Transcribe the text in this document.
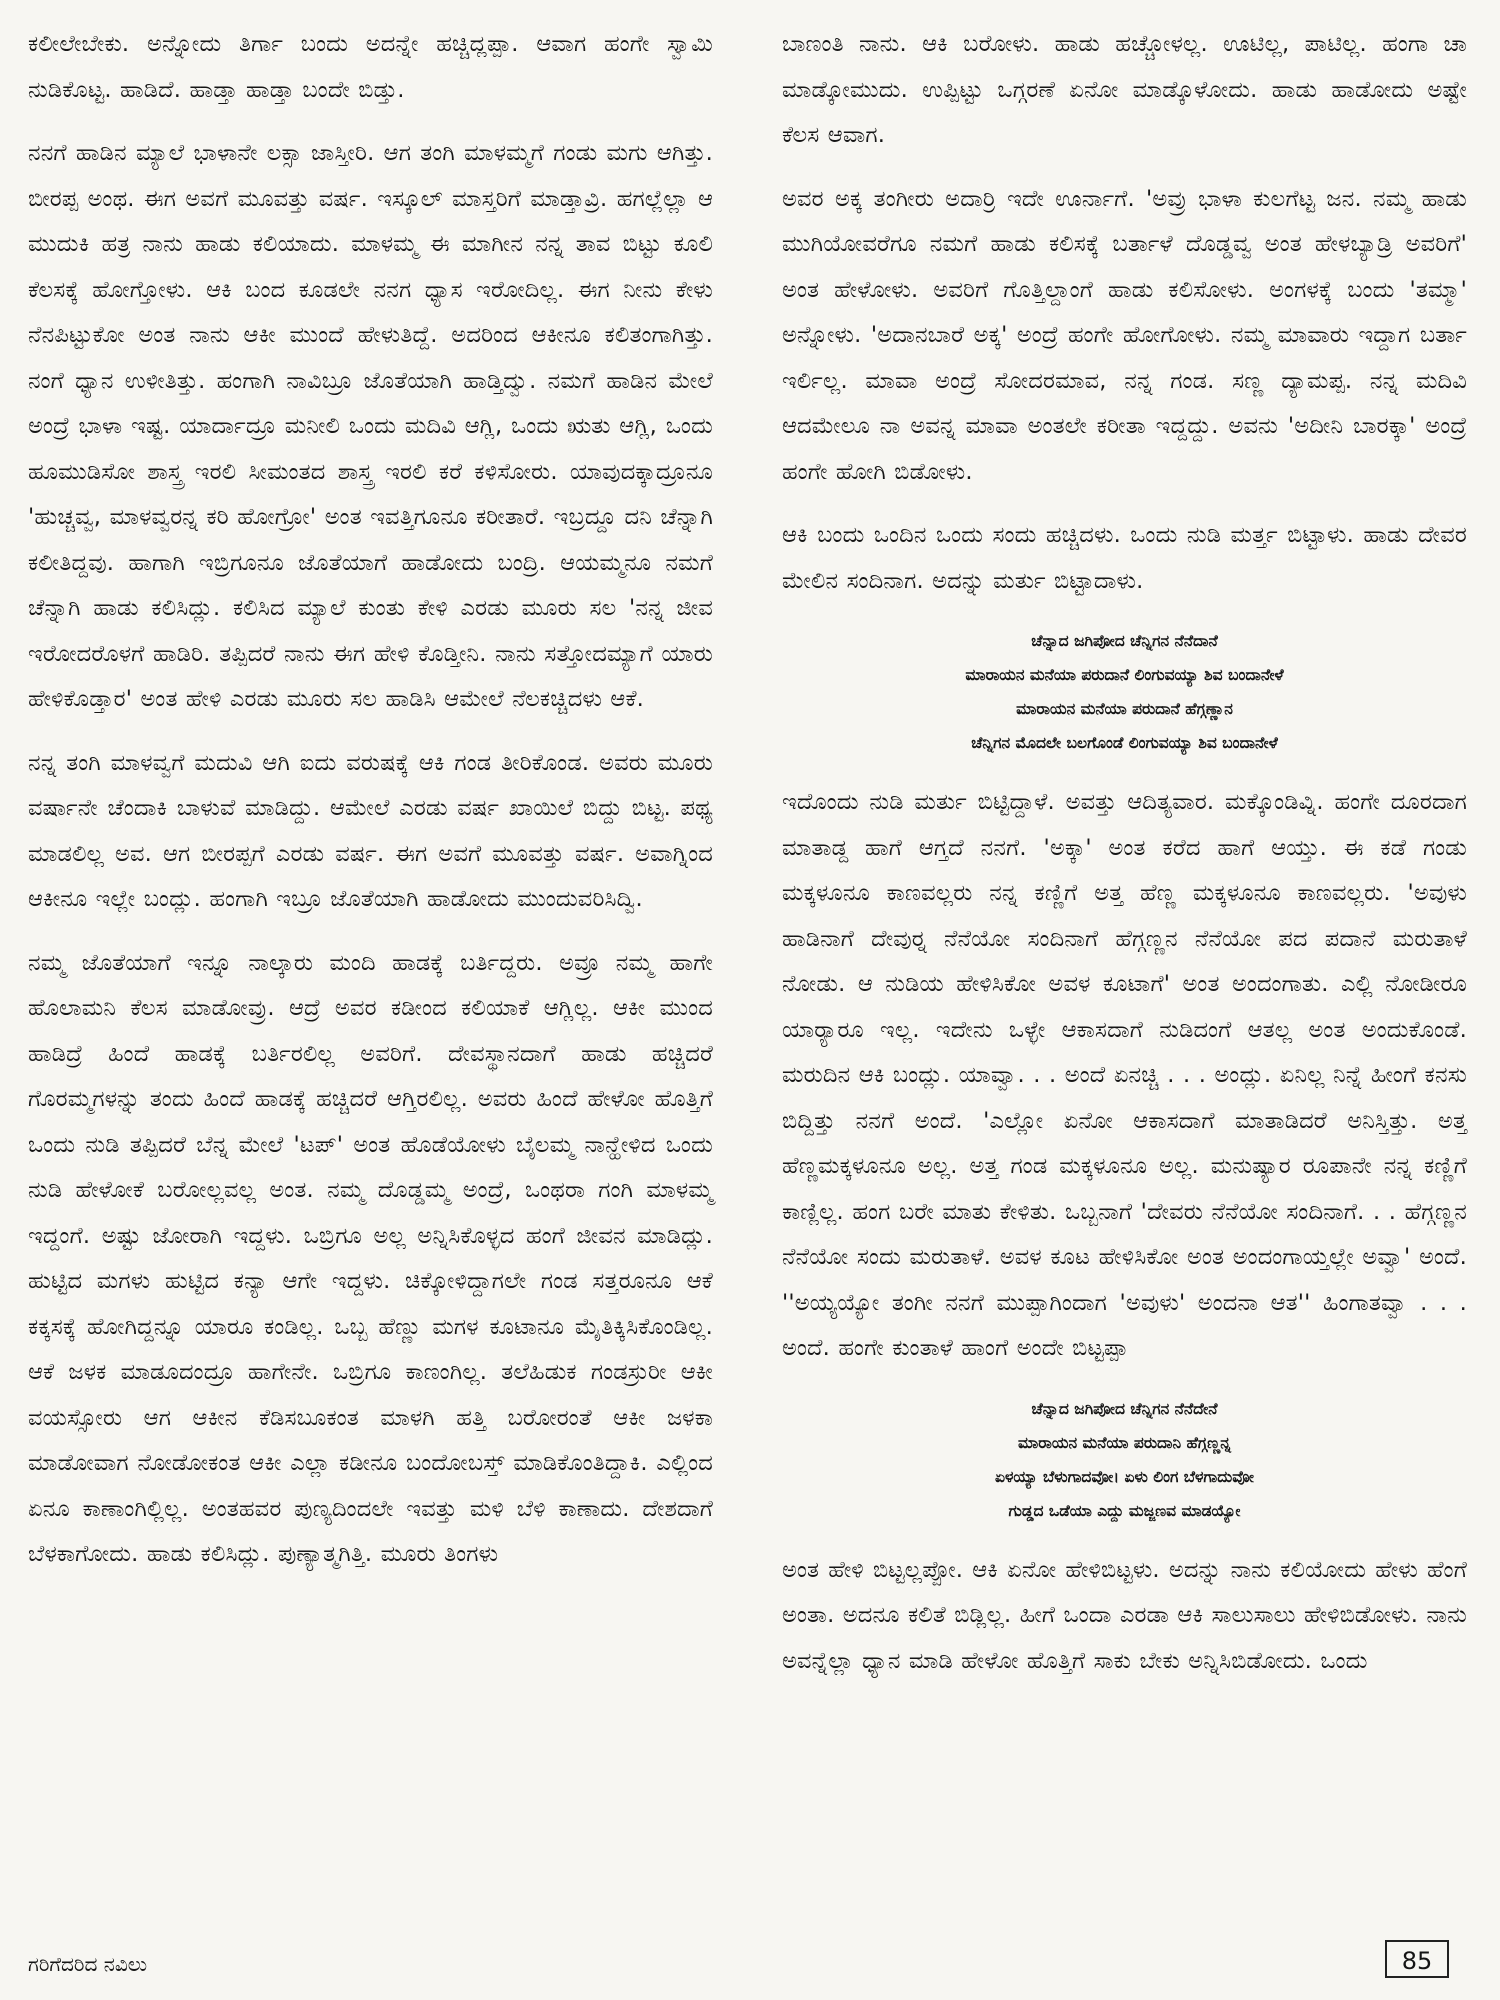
ಕಲೀಲೇಬೇಕು. ಅನ್ನೋದು ತಿರ್ಗಾ ಬಂದು ಅದನ್ನೇ ಹಚ್ಚಿದ್ಲಪ್ಪಾ. ಆವಾಗ ಹಂಗೇ ಸ್ವಾಮಿ ನುಡಿಕೊಟ್ಟ. ಹಾಡಿದೆ. ಹಾಡ್ತಾ ಹಾಡ್ತಾ ಬಂದೇ ಬಿಡ್ತು.

ನನಗೆ ಹಾಡಿನ ಮ್ಯಾಲೆ ಭಾಳಾನೇ ಲಕ್ಸಾ ಜಾಸ್ತೀರಿ. ಆಗ ತಂಗಿ ಮಾಳಮ್ಮಗೆ ಗಂಡು ಮಗು ಆಗಿತ್ತು. ಬೀರಪ್ಪ ಅಂಥ. ಈಗ ಅವಗೆ ಮೂವತ್ತು ವರ್ಷ. ಇಸ್ಕೂಲ್ ಮಾಸ್ತರಿಗೆ ಮಾಡ್ತಾವ್ರಿ. ಹಗಲ್ಲೆಲ್ಲಾ ಆ ಮುದುಕಿ ಹತ್ರ ನಾನು ಹಾಡು ಕಲಿಯಾದು. ಮಾಳಮ್ಮ ಈ ಮಾಗೀನ ನನ್ನ ತಾವ ಬಿಟ್ಟು ಕೂಲಿ ಕೆಲಸಕ್ಕೆ ಹೋಗ್ತೋಳು. ಆಕಿ ಬಂದ ಕೂಡಲೇ ನನಗ ಧ್ಯಾಸ ಇರೋದಿಲ್ಲ. ಈಗ ನೀನು ಕೇಳು ನೆನಪಿಟ್ಟುಕೋ ಅಂತ ನಾನು ಆಕೀ ಮುಂದೆ ಹೇಳುತಿದ್ದೆ. ಅದರಿಂದ ಆಕೀನೂ ಕಲಿತಂಗಾಗಿತ್ತು. ನಂಗೆ ಧ್ಯಾನ ಉಳೀತಿತ್ತು. ಹಂಗಾಗಿ ನಾವಿಬ್ರೂ ಜೊತೆಯಾಗಿ ಹಾಡ್ತಿದ್ವು. ನಮಗೆ ಹಾಡಿನ ಮೇಲೆ ಅಂದ್ರೆ ಭಾಳಾ ಇಷ್ಟ. ಯಾರ್ದಾದ್ರೂ ಮನೀಲಿ ಒಂದು ಮದಿವಿ ಆಗ್ಲಿ, ಒಂದು ಋತು ಆಗ್ಲಿ, ಒಂದು ಹೂಮುಡಿಸೋ ಶಾಸ್ತ್ರ ಇರಲಿ ಸೀಮಂತದ ಶಾಸ್ತ್ರ ಇರಲಿ ಕರೆ ಕಳಿಸೋರು. ಯಾವುದಕ್ಕಾದ್ರೂನೂ 'ಹುಚ್ಚವ್ವ, ಮಾಳವ್ವರನ್ನ ಕರಿ ಹೋಗ್ರೋ' ಅಂತ ಇವತ್ತಿಗೂನೂ ಕರೀತಾರೆ. ಇಬ್ರದ್ದೂ ದನಿ ಚೆನ್ನಾಗಿ ಕಲೀತಿದ್ದವು. ಹಾಗಾಗಿ ಇಬ್ರಿಗೂನೂ ಜೊತೆಯಾಗೆ ಹಾಡೋದು ಬಂದ್ರಿ. ಆಯಮ್ಮನೂ ನಮಗೆ ಚೆನ್ನಾಗಿ ಹಾಡು ಕಲಿಸಿದ್ಲು. ಕಲಿಸಿದ ಮ್ಯಾಲೆ ಕುಂತು ಕೇಳಿ ಎರಡು ಮೂರು ಸಲ 'ನನ್ನ ಜೀವ ಇರೋದರೊಳಗೆ ಹಾಡಿರಿ. ತಪ್ಪಿದರೆ ನಾನು ಈಗ ಹೇಳಿ ಕೊಡ್ತೀನಿ. ನಾನು ಸತ್ತೋದಮ್ಯಾಗೆ ಯಾರು ಹೇಳಿಕೊಡ್ತಾರ' ಅಂತ ಹೇಳಿ ಎರಡು ಮೂರು ಸಲ ಹಾಡಿಸಿ ಆಮೇಲೆ ನೆಲಕಚ್ಚಿದಳು ಆಕೆ.

ನನ್ನ ತಂಗಿ ಮಾಳವ್ವಗೆ ಮದುವಿ ಆಗಿ ಐದು ವರುಷಕ್ಕೆ ಆಕಿ ಗಂಡ ತೀರಿಕೊಂಡ. ಅವರು ಮೂರು ವರ್ಷಾನೇ ಚೆಂದಾಕಿ ಬಾಳುವೆ ಮಾಡಿದ್ದು. ಆಮೇಲೆ ಎರಡು ವರ್ಷ ಖಾಯಿಲೆ ಬಿದ್ದು ಬಿಟ್ಟ. ಪಥ್ಯ ಮಾಡಲಿಲ್ಲ ಅವ. ಆಗ ಬೀರಪ್ಪಗೆ ಎರಡು ವರ್ಷ. ಈಗ ಅವಗೆ ಮೂವತ್ತು ವರ್ಷ. ಅವಾಗ್ನಿಂದ ಆಕೀನೂ ಇಲ್ಲೇ ಬಂದ್ಲು. ಹಂಗಾಗಿ ಇಬ್ರೂ ಜೊತೆಯಾಗಿ ಹಾಡೋದು ಮುಂದುವರಿಸಿದ್ವಿ.

ನಮ್ಮ ಜೊತೆಯಾಗೆ ಇನ್ನೂ ನಾಲ್ಕಾರು ಮಂದಿ ಹಾಡಕ್ಕೆ ಬರ್ತಿದ್ದರು. ಅವ್ರೂ ನಮ್ಮ ಹಾಗೇ ಹೊಲಾಮನಿ ಕೆಲಸ ಮಾಡೋವ್ರು. ಆದ್ರೆ ಅವರ ಕಡೀಂದ ಕಲಿಯಾಕೆ ಆಗ್ಲಿಲ್ಲ. ಆಕೀ ಮುಂದ ಹಾಡಿದ್ರೆ ಹಿಂದೆ ಹಾಡಕ್ಕೆ ಬರ್ತಿರಲಿಲ್ಲ ಅವರಿಗೆ. ದೇವಸ್ಥಾನದಾಗೆ ಹಾಡು ಹಚ್ಚಿದರೆ ಗೊರಮ್ಮಗಳನ್ನು ತಂದು ಹಿಂದೆ ಹಾಡಕ್ಕೆ ಹಚ್ಚಿದರೆ ಆಗ್ತಿರಲಿಲ್ಲ. ಅವರು ಹಿಂದೆ ಹೇಳೋ ಹೊತ್ತಿಗೆ ಒಂದು ನುಡಿ ತಪ್ಪಿದರೆ ಬೆನ್ನ ಮೇಲೆ 'ಟಪ್' ಅಂತ ಹೊಡೆಯೋಳು ಬೈಲಮ್ಮ ನಾನ್ಹೇಳಿದ ಒಂದು ನುಡಿ ಹೇಳೋಕೆ ಬರೋಲ್ಲವಲ್ಲ ಅಂತ. ನಮ್ಮ ದೊಡ್ಡಮ್ಮ ಅಂದ್ರೆ, ಒಂಥರಾ ಗಂಗಿ ಮಾಳಮ್ಮ ಇದ್ದಂಗೆ. ಅಷ್ಟು ಜೋರಾಗಿ ಇದ್ದಳು. ಒಬ್ರಿಗೂ ಅಲ್ಲ ಅನ್ನಿಸಿಕೊಳ್ಳದ ಹಂಗೆ ಜೀವನ ಮಾಡಿದ್ಲು. ಹುಟ್ಟಿದ ಮಗಳು ಹುಟ್ಟಿದ ಕನ್ಯಾ ಆಗೇ ಇದ್ದಳು. ಚಿಕ್ಕೋಳಿದ್ದಾಗಲೇ ಗಂಡ ಸತ್ತರೂನೂ ಆಕೆ ಕಕ್ಕಸಕ್ಕೆ ಹೋಗಿದ್ದನ್ನೂ ಯಾರೂ ಕಂಡಿಲ್ಲ. ಒಬ್ಬ ಹೆಣ್ಣು ಮಗಳ ಕೂಟಾನೂ ಮೈತಿಕ್ಕಿಸಿಕೊಂಡಿಲ್ಲ. ಆಕೆ ಜಳಕ ಮಾಡೂದಂದ್ರೂ ಹಾಗೇನೇ. ಒಬ್ರಿಗೂ ಕಾಣಂಗಿಲ್ಲ. ತಲೆಹಿಡುಕ ಗಂಡಸ್ರುರೀ ಆಕೀ ವಯಸ್ಸೋರು ಆಗ ಆಕೀನ ಕೆಡಿಸಬೂಕಂತ ಮಾಳಗಿ ಹತ್ತಿ ಬರೋರಂತೆ ಆಕೀ ಜಳಕಾ ಮಾಡೋವಾಗ ನೋಡೋಕಂತ ಆಕೀ ಎಲ್ಲಾ ಕಡೀನೂ ಬಂದೋಬಸ್ತ್ ಮಾಡಿಕೊಂತಿದ್ದಾಕಿ. ಎಲ್ಲಿಂದ ಏನೂ ಕಾಣಾಂಗಿಲ್ಲಿಲ್ಲ. ಅಂತಹವರ ಪುಣ್ಯದಿಂದಲೇ ಇವತ್ತು ಮಳಿ ಬೆಳಿ ಕಾಣಾದು. ದೇಶದಾಗೆ ಬೆಳಕಾಗೋದು. ಹಾಡು ಕಲಿಸಿದ್ಲು. ಪುಣ್ಯಾತ್ಮಗಿತ್ತಿ. ಮೂರು ತಿಂಗಳು

ಬಾಣಂತಿ ನಾನು. ಆಕಿ ಬರೋಳು. ಹಾಡು ಹಚ್ಚೋಳಲ್ಲ. ಊಟಿಲ್ಲ, ಪಾಟಿಲ್ಲ. ಹಂಗಾ ಚಾ ಮಾಡ್ಕೋಮುದು. ಉಪ್ಪಿಟ್ಟು ಒಗ್ಗರಣೆ ಏನೋ ಮಾಡ್ಕೊಳೋದು. ಹಾಡು ಹಾಡೋದು ಅಷ್ಟೇ ಕೆಲಸ ಆವಾಗ.

ಅವರ ಅಕ್ಕ ತಂಗೀರು ಅದಾರ್ರಿ ಇದೇ ಊರ್ನಾಗೆ. 'ಅವ್ರು ಭಾಳಾ ಕುಲಗೆಟ್ಟ ಜನ. ನಮ್ಮ ಹಾಡು ಮುಗಿಯೋವರೆಗೂ ನಮಗೆ ಹಾಡು ಕಲಿಸಕ್ಕೆ ಬರ್ತಾಳೆ ದೊಡ್ಡವ್ವ ಅಂತ ಹೇಳಬ್ಯಾಡ್ರಿ ಅವರಿಗೆ' ಅಂತ ಹೇಳೋಳು. ಅವರಿಗೆ ಗೊತ್ತಿಲ್ದಾಂಗೆ ಹಾಡು ಕಲಿಸೋಳು. ಅಂಗಳಕ್ಕೆ ಬಂದು 'ತಮ್ಮಾ' ಅನ್ನೋಳು. 'ಅದಾನಬಾರೆ ಅಕ್ಕ' ಅಂದ್ರೆ ಹಂಗೇ ಹೋಗೋಳು. ನಮ್ಮ ಮಾವಾರು ಇದ್ದಾಗ ಬರ್ತಾ ಇರ್ಲಿಲ್ಲ. ಮಾವಾ ಅಂದ್ರೆ ಸೋದರಮಾವ, ನನ್ನ ಗಂಡ. ಸಣ್ಣ ದ್ಯಾಮಪ್ಪ. ನನ್ನ ಮದಿವಿ ಆದಮೇಲೂ ನಾ ಅವನ್ನ ಮಾವಾ ಅಂತಲೇ ಕರೀತಾ ಇದ್ದದ್ದು. ಅವನು 'ಅದೀನಿ ಬಾರಕ್ಕಾ' ಅಂದ್ರೆ ಹಂಗೇ ಹೋಗಿ ಬಿಡೋಳು.

ಆಕಿ ಬಂದು ಒಂದಿನ ಒಂದು ಸಂದು ಹಚ್ಚಿದಳು. ಒಂದು ನುಡಿ ಮರ್ತ್ತ ಬಿಟ್ಟಾಳು. ಹಾಡು ದೇವರ ಮೇಲಿನ ಸಂದಿನಾಗ. ಅದನ್ನು ಮರ್ತು ಬಿಟ್ಟಾದಾಳು.

ಚೆನ್ನಾದ ಜಗಿಪೋದ ಚೆನ್ನಿಗನ ನೆನೆದಾನೆ
ಮಾರಾಯನ ಮನೆಯಾ ಪರುದಾನೆ ಲಿಂಗುವಯ್ಯಾ ಶಿವ ಬಂದಾನೇಳೆ
ಮಾರಾಯನ ಮನೆಯಾ ಪರುದಾನೆ ಹೆಗ್ಗಣ್ಣಾನ
ಚೆನ್ನಿಗನ ಮೊದಲೇ ಬಲಗೊಂಡೆ ಲಿಂಗುವಯ್ಯಾ ಶಿವ ಬಂದಾನೇಳೆ

ಇದೊಂದು ನುಡಿ ಮರ್ತು ಬಿಟ್ಟಿದ್ದಾಳೆ. ಅವತ್ತು ಆದಿತ್ಯವಾರ. ಮಕ್ಕೊಂಡಿವ್ನಿ. ಹಂಗೇ ದೂರದಾಗ ಮಾತಾಡ್ದ ಹಾಗೆ ಆಗ್ತದೆ ನನಗೆ. 'ಅಕ್ಕಾ' ಅಂತ ಕರೆದ ಹಾಗೆ ಆಯ್ತು. ಈ ಕಡೆ ಗಂಡು ಮಕ್ಕಳೂನೂ ಕಾಣವಲ್ಲರು ನನ್ನ ಕಣ್ಣಿಗೆ ಅತ್ತ ಹೆಣ್ಣ ಮಕ್ಕಳೂನೂ ಕಾಣವಲ್ಲರು. 'ಅವುಳು ಹಾಡಿನಾಗೆ ದೇವುರ್‍ನ ನೆನೆಯೋ ಸಂದಿನಾಗೆ ಹೆಗ್ಗಣ್ಣನ ನೆನೆಯೋ ಪದ ಪದಾನೆ ಮರುತಾಳೆ ನೋಡು. ಆ ನುಡಿಯ ಹೇಳಿಸಿಕೋ ಅವಳ ಕೂಟಾಗೆ' ಅಂತ ಅಂದಂಗಾತು. ಎಲ್ಲಿ ನೋಡೀರೂ ಯಾರ್‍ಯಾರೂ ಇಲ್ಲ. ಇದೇನು ಒಳ್ಳೇ ಆಕಾಸದಾಗೆ ನುಡಿದಂಗೆ ಆತಲ್ಲ ಅಂತ ಅಂದುಕೊಂಡೆ. ಮರುದಿನ ಆಕಿ ಬಂದ್ಲು. ಯಾವ್ವಾ. . . ಅಂದೆ ಏನಚ್ಚಿ . . . ಅಂದ್ಲು. ಏನಿಲ್ಲ ನಿನ್ನೆ ಹೀಂಗೆ ಕನಸು ಬಿದ್ದಿತ್ತು ನನಗೆ ಅಂದೆ. 'ಎಲ್ಲೋ ಏನೋ ಆಕಾಸದಾಗೆ ಮಾತಾಡಿದರೆ ಅನಿಸ್ತಿತ್ತು. ಅತ್ತ ಹೆಣ್ಣಮಕ್ಕಳೂನೂ ಅಲ್ಲ. ಅತ್ತ ಗಂಡ ಮಕ್ಕಳೂನೂ ಅಲ್ಲ. ಮನುಷ್ಯಾರ ರೂಪಾನೇ ನನ್ನ ಕಣ್ಣಿಗೆ ಕಾಣ್ಲಿಲ್ಲ. ಹಂಗ ಬರೇ ಮಾತು ಕೇಳಿತು. ಒಬ್ಬನಾಗೆ 'ದೇವರು ನೆನೆಯೋ ಸಂದಿನಾಗೆ. . . ಹೆಗ್ಗಣ್ಣನ ನೆನೆಯೋ ಸಂದು ಮರುತಾಳೆ. ಅವಳ ಕೂಟ ಹೇಳಿಸಿಕೋ ಅಂತ ಅಂದಂಗಾಯ್ತಲ್ಲೇ ಅವ್ವಾ' ಅಂದೆ. ''ಅಯ್ಯಯ್ಯೋ ತಂಗೀ ನನಗೆ ಮುಪ್ಪಾಗಿಂದಾಗ 'ಅವುಳು' ಅಂದನಾ ಆತ'' ಹಿಂಗಾತವ್ವಾ . . . ಅಂದೆ. ಹಂಗೇ ಕುಂತಾಳೆ ಹಾಂಗೆ ಅಂದೇ ಬಿಟ್ಟಪ್ಪಾ

ಚೆನ್ನಾದ ಜಗಿಪೋದ ಚೆನ್ನಿಗನ ನೆನೆದೇನೆ
ಮಾರಾಯನ ಮನೆಯಾ ಪರುದಾನಿ ಹೆಗ್ಗಣ್ಣನ್ನ
ಏಳಯ್ಯಾ ಬೆಳುಗಾದವೋ। ಏಳು ಲಿಂಗ ಬೆಳಗಾದುವೋ
ಗುಡ್ಡದ ಒಡೆಯಾ ಎದ್ದು ಮಜ್ಜಣವ ಮಾಡಯ್ಯೋ

ಅಂತ ಹೇಳಿ ಬಿಟ್ಟಲ್ಲಪ್ಪೋ. ಆಕಿ ಏನೋ ಹೇಳಿಬಿಟ್ಟಳು. ಅದನ್ನು ನಾನು ಕಲಿಯೋದು ಹೇಳು ಹೆಂಗೆ ಅಂತಾ. ಅದನೂ ಕಲಿತೆ ಬಿಡ್ಲಿಲ್ಲ. ಹೀಗೆ ಒಂದಾ ಎರಡಾ ಆಕಿ ಸಾಲುಸಾಲು ಹೇಳಿಬಿಡೋಳು. ನಾನು ಅವನ್ನೆಲ್ಲಾ ಧ್ಯಾನ ಮಾಡಿ ಹೇಳೋ ಹೊತ್ತಿಗೆ ಸಾಕು ಬೇಕು ಅನ್ನಿಸಿಬಿಡೋದು. ಒಂದು

ಗರಿಗೆದರಿದ ನವಿಲು	85
